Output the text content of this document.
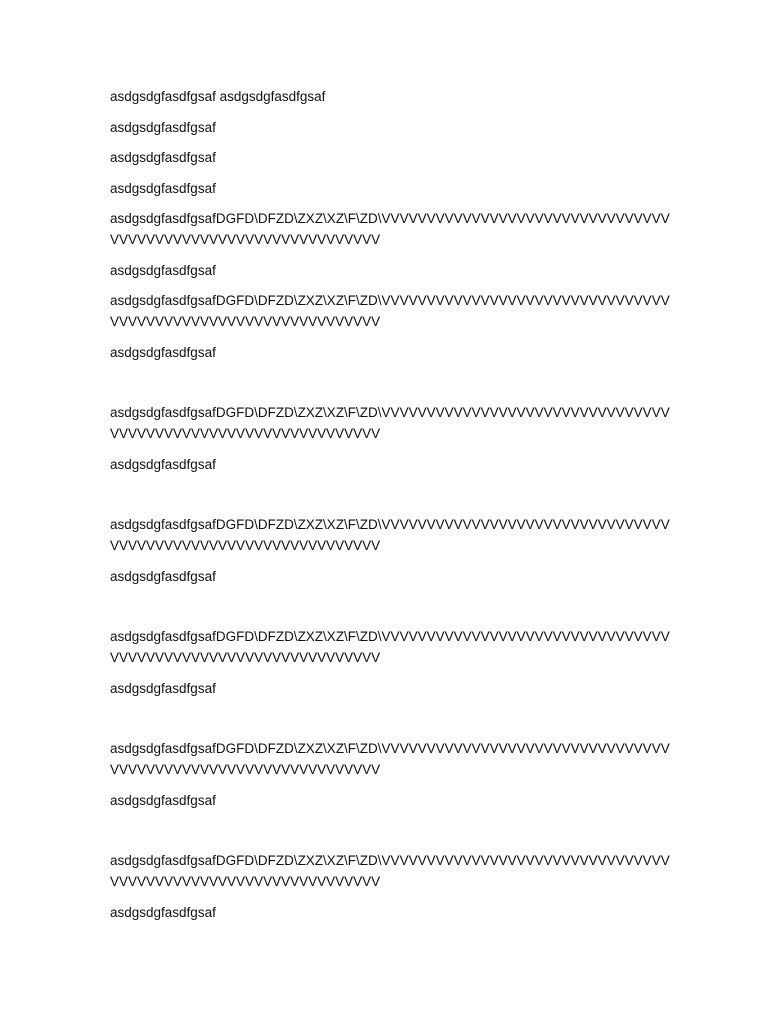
asdgsdgfasdfgsaf asdgsdgfasdfgsaf

asdgsdgfasdfgsaf

asdgsdgfasdfgsaf

asdgsdgfasdfgsaf

asdgsdgfasdfgsafDGFD\DFZD\ZXZ\XZ\F\ZD\VVVVVVVVVVVVVVVVVVVVVVVVVVVVVVVVVVVVVVVVVVVVVVVVVVVVVVVVVVVVVV

asdgsdgfasdfgsaf

asdgsdgfasdfgsafDGFD\DFZD\ZXZ\XZ\F\ZD\VVVVVVVVVVVVVVVVVVVVVVVVVVVVVVVVVVVVVVVVVVVVVVVVVVVVVVVVVVVVVV

asdgsdgfasdfgsaf

asdgsdgfasdfgsafDGFD\DFZD\ZXZ\XZ\F\ZD\VVVVVVVVVVVVVVVVVVVVVVVVVVVVVVVVVVVVVVVVVVVVVVVVVVVVVVVVVVVVVV

asdgsdgfasdfgsaf

asdgsdgfasdfgsafDGFD\DFZD\ZXZ\XZ\F\ZD\VVVVVVVVVVVVVVVVVVVVVVVVVVVVVVVVVVVVVVVVVVVVVVVVVVVVVVVVVVVVVV

asdgsdgfasdfgsaf

asdgsdgfasdfgsafDGFD\DFZD\ZXZ\XZ\F\ZD\VVVVVVVVVVVVVVVVVVVVVVVVVVVVVVVVVVVVVVVVVVVVVVVVVVVVVVVVVVVVVV

asdgsdgfasdfgsaf

asdgsdgfasdfgsafDGFD\DFZD\ZXZ\XZ\F\ZD\VVVVVVVVVVVVVVVVVVVVVVVVVVVVVVVVVVVVVVVVVVVVVVVVVVVVVVVVVVVVVV

asdgsdgfasdfgsaf

asdgsdgfasdfgsafDGFD\DFZD\ZXZ\XZ\F\ZD\VVVVVVVVVVVVVVVVVVVVVVVVVVVVVVVVVVVVVVVVVVVVVVVVVVVVVVVVVVVVVV

asdgsdgfasdfgsaf
